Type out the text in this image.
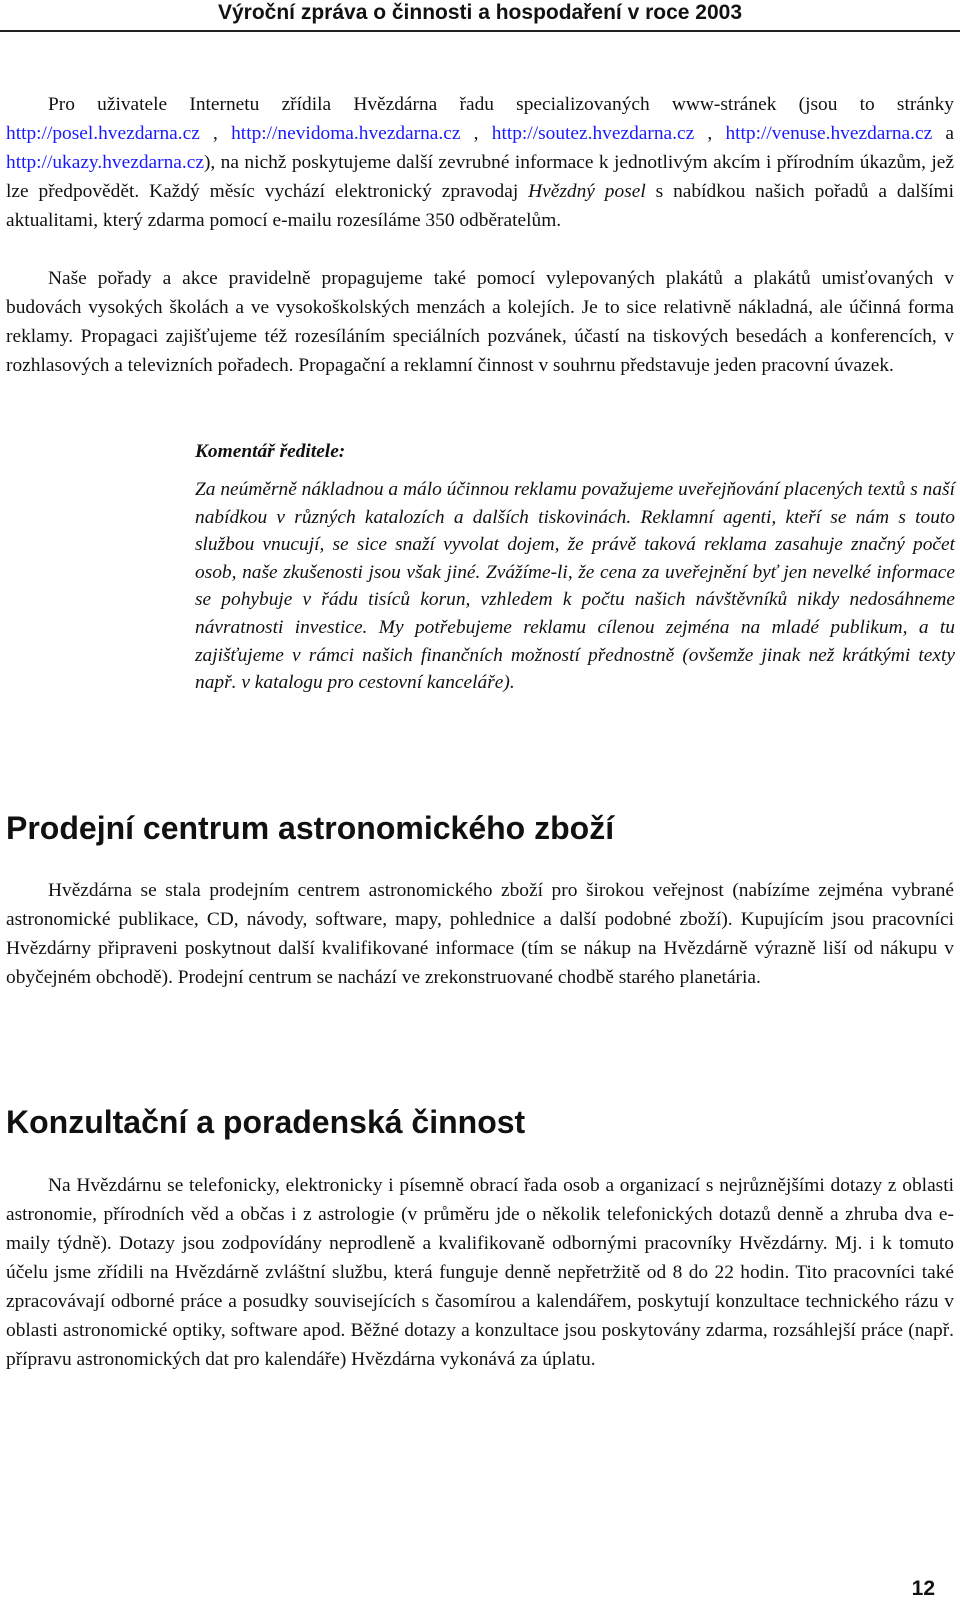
Výroční zpráva o činnosti a hospodaření v roce 2003

Pro uživatele Internetu zřídila Hvězdárna řadu specializovaných www-stránek (jsou to stránky http://posel.hvezdarna.cz , http://nevidoma.hvezdarna.cz , http://soutez.hvezdarna.cz , http://venuse.hvezdarna.cz a http://ukazy.hvezdarna.cz), na nichž poskytujeme další zevrubné informace k jednotlivým akcím i přírodním úkazům, jež lze předpovědět. Každý měsíc vychází elektronický zpravodaj Hvězdný posel s nabídkou našich pořadů a dalšími aktualitami, který zdarma pomocí e-mailu rozesíláme 350 odběratelům.

Naše pořady a akce pravidelně propagujeme také pomocí vylepovaných plakátů a plakátů umisťovaných v budovách vysokých školách a ve vysokoškolských menzách a kolejích. Je to sice relativně nákladná, ale účinná forma reklamy. Propagaci zajišťujeme též rozesíláním speciálních pozvánek, účastí na tiskových besedách a konferencích, v rozhlasových a televizních pořadech. Propagační a reklamní činnost v souhrnu představuje jeden pracovní úvazek.

Komentář ředitele:

Za neúměrně nákladnou a málo účinnou reklamu považujeme uveřejňování placených textů s naší nabídkou v různých katalozích a dalších tiskovinách. Reklamní agenti, kteří se nám s touto službou vnucují, se sice snaží vyvolat dojem, že právě taková reklama zasahuje značný počet osob, naše zkušenosti jsou však jiné. Zvážíme-li, že cena za uveřejnění byť jen nevelké informace se pohybuje v řádu tisíců korun, vzhledem k počtu našich návštěvníků nikdy nedosáhneme návratnosti investice. My potřebujeme reklamu cílenou zejména na mladé publikum, a tu zajišťujeme v rámci našich finančních možností přednostně (ovšemže jinak než krátkými texty např. v katalogu pro cestovní kanceláře).

Prodejní centrum astronomického zboží

Hvězdárna se stala prodejním centrem astronomického zboží pro širokou veřejnost (nabízíme zejména vybrané astronomické publikace, CD, návody, software, mapy, pohlednice a další podobné zboží). Kupujícím jsou pracovníci Hvězdárny připraveni poskytnout další kvalifikované informace (tím se nákup na Hvězdárně výrazně liší od nákupu v obyčejném obchodě). Prodejní centrum se nachází ve zrekonstruované chodbě starého planetária.

Konzultační a poradenská činnost

Na Hvězdárnu se telefonicky, elektronicky i písemně obrací řada osob a organizací s nejrůznějšími dotazy z oblasti astronomie, přírodních věd a občas i z astrologie (v průměru jde o několik telefonických dotazů denně a zhruba dva e-maily týdně). Dotazy jsou zodpovídány neprodleně a kvalifikovaně odbornými pracovníky Hvězdárny. Mj. i k tomuto účelu jsme zřídili na Hvězdárně zvláštní službu, která funguje denně nepřetržitě od 8 do 22 hodin. Tito pracovníci také zpracovávají odborné práce a posudky souvisejících s časomírou a kalendářem, poskytují konzultace technického rázu v oblasti astronomické optiky, software apod. Běžné dotazy a konzultace jsou poskytovány zdarma, rozsáhlejší práce (např. přípravu astronomických dat pro kalendáře) Hvězdárna vykonává za úplatu.

12
